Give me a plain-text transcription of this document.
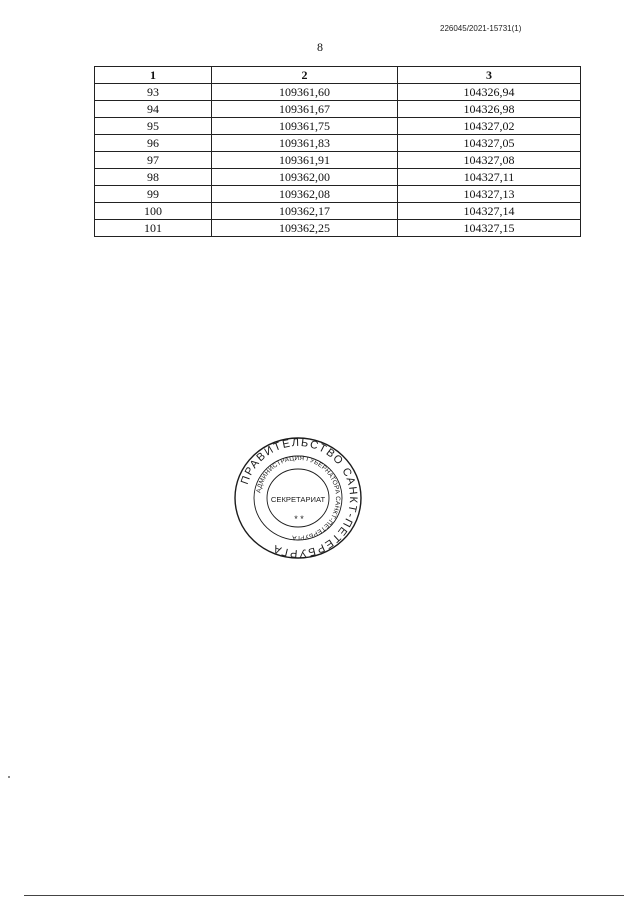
226045/2021-15731(1)
8
1	2	3
93	109361,60	104326,94
94	109361,67	104326,98
95	109361,75	104327,02
96	109361,83	104327,05
97	109361,91	104327,08
98	109362,00	104327,11
99	109362,08	104327,13
100	109362,17	104327,14
101	109362,25	104327,15
ПРАВИТЕЛЬСТВО САНКТ-ПЕТЕРБУРГА
АДМИНИСТРАЦИЯ ГУБЕРНАТОРА САНКТ-ПЕТЕРБУРГА
СЕКРЕТАРИАТ
* *
